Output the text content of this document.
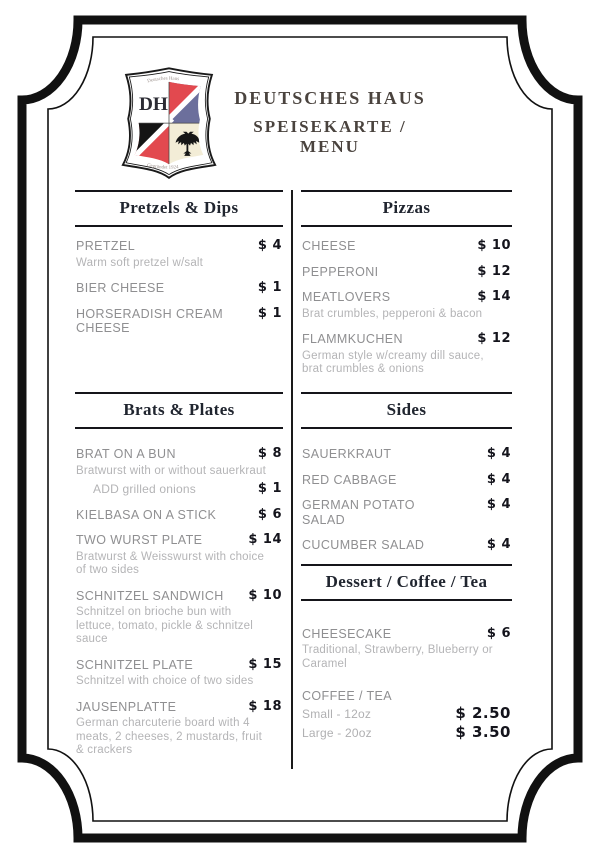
DH
Deutsches Haus
Gegründet 1924
DEUTSCHES HAUS
SPEISEKARTE / MENU
Pretzels & Dips
PRETZEL	$ 4

Warm soft pretzel w/salt

BIER CHEESE	$ 1
HORSERADISH CREAM CHEESE
$ 1
Brats & Plates
BRAT ON A BUN	$ 8

Bratwurst with or without sauerkraut

ADD grilled onions	$ 1
KIELBASA ON A STICK	$ 6
TWO WURST PLATE	$ 14

Bratwurst & Weisswurst with choice of two sides

SCHNITZEL SANDWICH $ 10

Schnitzel on brioche bun with lettuce, tomato, pickle & schnitzel sauce

SCHNITZEL PLATE	$ 15

Schnitzel with choice of two sides

JAUSENPLATTE	$ 18

German charcuterie board with 4 meats, 2 cheeses, 2 mustards, fruit & crackers

Pizzas
CHEESE	$ 10
PEPPERONI	$ 12
MEATLOVERS	$ 14

Brat crumbles, pepperoni & bacon

FLAMMKUCHEN	$ 12

German style w/creamy dill sauce, brat crumbles & onions

Sides
SAUERKRAUT	$ 4
RED CABBAGE	$ 4
GERMAN POTATO SALAD
$ 4
CUCUMBER SALAD	$ 4
Dessert / Coffee / Tea
CHEESECAKE	$ 6

Traditional, Strawberry, Blueberry or Caramel

COFFEE / TEA
Small - 12oz	$ 2.50
Large - 20oz	$ 3.50
